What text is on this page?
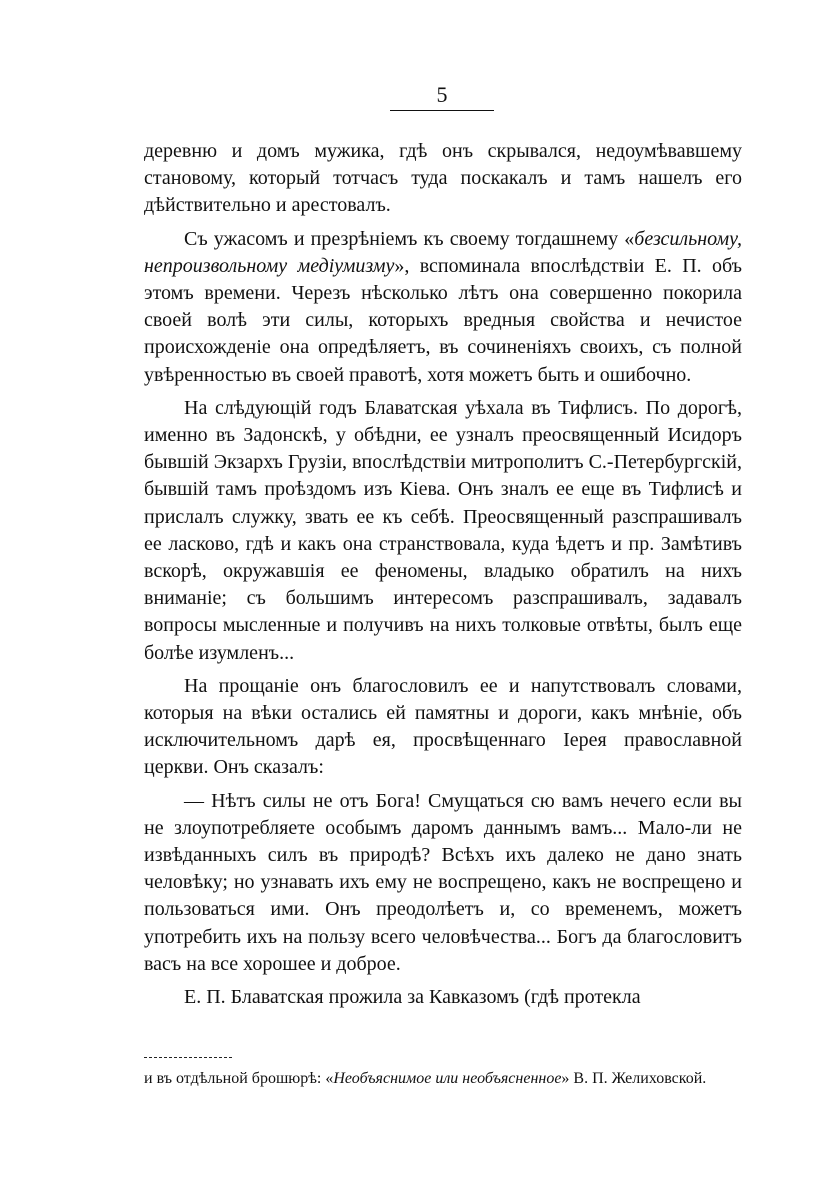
5

деревню и домъ мужика, гдѣ онъ скрывался, недоумѣвавшему становому, который тотчасъ туда поскакалъ и тамъ нашелъ его дѣйствительно и арестовалъ.

Съ ужасомъ и презрѣніемъ къ своему тогдашнему «безсильному, непроизвольному медіумизму», вспоминала впослѣдствіи Е. П. объ этомъ времени. Черезъ нѣсколько лѣтъ она совершенно покорила своей волѣ эти силы, которыхъ вредныя свойства и нечистое происхожденіе она опредѣляетъ, въ сочиненіяхъ своихъ, съ полной увѣренностью въ своей правотѣ, хотя можетъ быть и ошибочно.

На слѣдующій годъ Блаватская уѣхала въ Тифлисъ. По дорогѣ, именно въ Задонскѣ, у обѣдни, ее узналъ преосвященный Исидоръ бывшій Экзархъ Грузіи, впослѣдствіи митрополитъ С.-Петербургскій, бывшій тамъ проѣздомъ изъ Кіева. Онъ зналъ ее еще въ Тифлисѣ и прислалъ служку, звать ее къ себѣ. Преосвященный разспрашивалъ ее ласково, гдѣ и какъ она странствовала, куда ѣдетъ и пр. Замѣтивъ вскорѣ, окружавшія ее феномены, владыко обратилъ на нихъ вниманіе; съ большимъ интересомъ разспрашивалъ, задавалъ вопросы мысленные и получивъ на нихъ толковые отвѣты, былъ еще болѣе изумленъ...

На прощаніе онъ благословилъ ее и напутствовалъ словами, которыя на вѣки остались ей памятны и дороги, какъ мнѣніе, объ исключительномъ дарѣ ея, просвѣщеннаго Іерея православной церкви. Онъ сказалъ:

— Нѣтъ силы не отъ Бога! Смущаться сю вамъ нечего если вы не злоупотребляете особымъ даромъ даннымъ вамъ... Мало-ли не извѣданныхъ силъ въ природѣ? Всѣхъ ихъ далеко не дано знать человѣку; но узнавать ихъ ему не воспрещено, какъ не воспрещено и пользоваться ими. Онъ преодолѣетъ и, со временемъ, можетъ употребить ихъ на пользу всего человѣчества... Богъ да благословитъ васъ на все хорошее и доброе.

Е. П. Блаватская прожила за Кавказомъ (гдѣ протекла

и въ отдѣльной брошюрѣ: «Необъяснимое или необъясненное» В. П. Желиховской.
